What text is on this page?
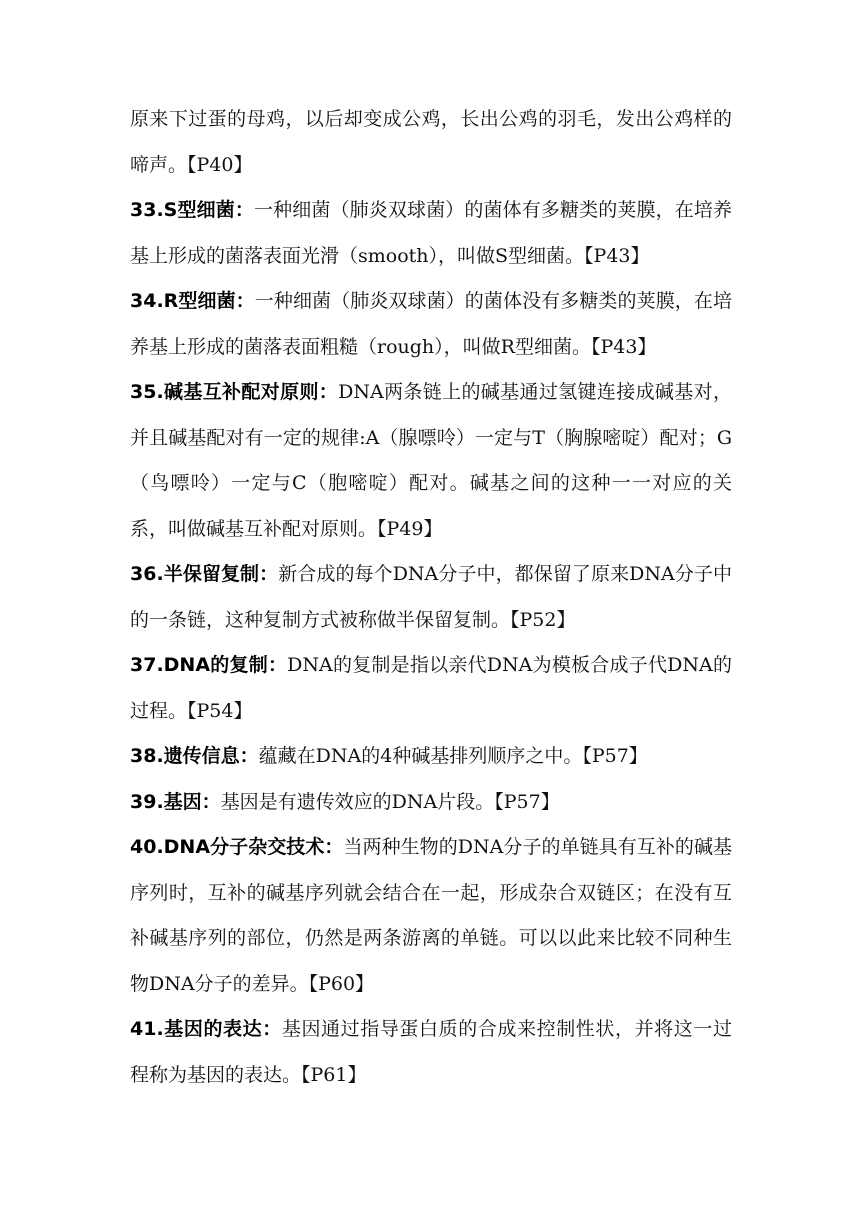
原来下过蛋的母鸡，以后却变成公鸡，长出公鸡的羽毛，发出公鸡样的啼声。【P40】

33.S型细菌：一种细菌（肺炎双球菌）的菌体有多糖类的荚膜，在培养基上形成的菌落表面光滑（smooth），叫做S型细菌。【P43】

34.R型细菌：一种细菌（肺炎双球菌）的菌体没有多糖类的荚膜，在培养基上形成的菌落表面粗糙（rough），叫做R型细菌。【P43】

35.碱基互补配对原则：DNA两条链上的碱基通过氢键连接成碱基对，并且碱基配对有一定的规律:A（腺嘌呤）一定与T（胸腺嘧啶）配对；G（鸟嘌呤）一定与C（胞嘧啶）配对。碱基之间的这种一一对应的关系，叫做碱基互补配对原则。【P49】

36.半保留复制：新合成的每个DNA分子中，都保留了原来DNA分子中的一条链，这种复制方式被称做半保留复制。【P52】

37.DNA的复制：DNA的复制是指以亲代DNA为模板合成子代DNA的过程。【P54】

38.遗传信息：蕴藏在DNA的4种碱基排列顺序之中。【P57】

39.基因：基因是有遗传效应的DNA片段。【P57】

40.DNA分子杂交技术：当两种生物的DNA分子的单链具有互补的碱基序列时，互补的碱基序列就会结合在一起，形成杂合双链区；在没有互补碱基序列的部位，仍然是两条游离的单链。可以以此来比较不同种生物DNA分子的差异。【P60】

41.基因的表达：基因通过指导蛋白质的合成来控制性状，并将这一过程称为基因的表达。【P61】
